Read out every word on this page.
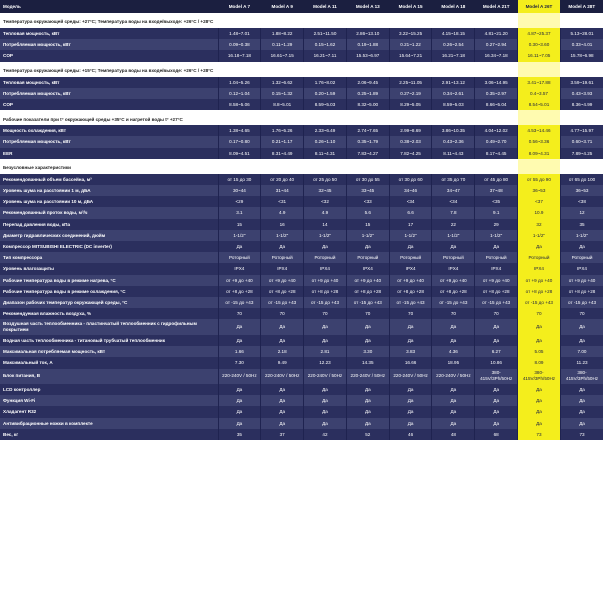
Модель	Model A 7	Model A 9	Model A 11	Model A 13	Model A 15	Model A 18	Model A 21T	Model A 26T	Model A 28T

Температура окружающей среды: +27°С; Температура воды на входе/выходе: +26°С / +28°С									
Тепловая мощность, кВт	1.48~7.01	1.88~8.22	2.51~11.50	2.86~13.10	3.22~15.25	4.15~18.15	4.81~21.20	4.87~25.37	5.13~28.01
Потребляемая мощность, кВт	0.09~0.38	0.11~1.29	0.15~1.62	0.19~1.88	0.21~1.22	0.26~2.54	0.27~2.94	0.30~3.60	0.33~4.01
COP	16.18~7.18	16.61~7.15	16.21~7.11	15.53~6.97	15.64~7.21	16.21~7.18	16.34~7.18	16.11~7.05	15.78~6.98

Температура окружающей среды: +15°С; Температура воды на входе/выходе: +26°С / +28°С									
Тепловая мощность, кВт	1.04~5.26	1.32~6.62	1.76~8.02	2.06~9.45	2.25~11.05	2.91~13.12	3.06~14.95	3.41~17.88	3.59~19.61
Потребляемая мощность, кВт	0.12~1.04	0.15~1.32	0.20~1.59	0.25~1.89	0.27~2.19	0.34~2.61	0.35~2.97	0.4~3.57	0.43~3.93
COP	8.58~5.06	8.8~5.01	8.59~5.03	8.32~5.00	8.29~5.05	8.59~5.03	8.66~5.04	8.54~5.01	8.36~4.99

Рабочие показатели при t° окружающей среды +35°С и нагретой воды t° +27°С									
Мощность охлаждения, кВт	1.38~4.65	1.76~5.26	2.33~6.49	2.74~7.65	2.99~8.69	3.86~10.35	4.04~12.02	4.53~14.46	4.77~15.97
Потребляемая мощность, кВт	0.17~0.80	0.21~1.17	0.26~1.10	0.35~1.79	0.38~2.03	0.43~2.36	0.49~2.70	0.56~3.36	0.60~3.71
EER	8.09~4.51	8.31~4.49	8.11~4.31	7.83~4.27	7.82~4.25	8.11~4.43	8.17~4.45	8.09~4.31	7.89~4.25

Безусловные характеристики									
Рекомендованный объем бассейна, м³	от 15 до 30	от 20 до 40	от 25 до 50	от 30 до 55	от 30 до 60	от 35 до 70	от 45 до 80	от 55 до 90	от 65 до 100
Уровень шума на расстоянии 1 м, дБА	30~44	31~44	32~45	33~45	34~46	34~47	37~48	36~53	36~53
Уровень шума на расстоянии 10 м, дБА	<29	<31	<32	<33	<34	<34	<35	<37	<38
Рекомендованный проток воды, м³/ч	3.1	4.9	4.9	5.6	6.6	7.8	9.1	10.9	12
Перепад давления воды, кПа	15	16	14	15	17	22	29	32	35
Диаметр гидравлических соединений, дюйм	1-1/2"	1-1/2"	1-1/2"	1-1/2"	1-1/2"	1-1/2"	1-1/2"	1-1/2"	1-1/2"
Компрессор MITSUBISHI ELECTRIC (DC inverter)	Да	Да	Да	Да	Да	Да	Да	Да	Да
Тип компрессора	Роторный	Роторный	Роторный	Роторный	Роторный	Роторный	Роторный	Роторный	Роторный
Уровень влагозащиты	IPX4	IPX4	IPX4	IPX4	IPX4	IPX4	IPX4	IPX4	IPX4
Рабочие температура воды в режиме нагрева, °С	от +9 до +40	от +9 до +40	от +9 до +40	от +9 до +40	от +9 до +40	от +9 до +40	от +9 до +40	от +9 до +40	от +9 до +40
Рабочие температура воды в режиме охлаждения, °С	от +8 до +28	от +8 до +28	от +8 до +28	от +8 до +28	от +8 до +28	от +8 до +28	от +8 до +28	от +8 до +28	от +8 до +28
Диапазон рабочих температур окружающей среды, °С	от -15 до +43	от -15 до +43	от -15 до +43	от -15 до +43	от -15 до +43	от -15 до +43	от -15 до +43	от -15 до +43	от -15 до +43
Рекомендуемая влажность воздуха, %	70	70	70	70	70	70	70	70	70
Воздушная часть теплообменника - пластинчатый теплообменник с гидрофильным покрытием	Да	Да	Да	Да	Да	Да	Да	Да	Да
Водная часть теплообменника - титановый трубчатый теплообменник	Да	Да	Да	Да	Да	Да	Да	Да	Да
Максимальная потребляемая мощность, кВт	1.66	2.18	2.81	3.30	3.83	4.36	6.27	5.05	7.00
Максимальный ток, А	7.30	9.49	12.23	14.35	16.66	18.95	10.86	8.09	11.23
Блок питания, В	220-240V / 50Hz	220-240V / 50Hz	220-240V / 50Hz	220-240V / 50Hz	220-240V / 50Hz	220-240V / 50Hz	380-415V/3Ph/50Hz	380-415V/3Ph/50Hz	380-415V/3Ph/50Hz
LCD контроллер	Да	Да	Да	Да	Да	Да	Да	Да	Да
Функция Wi-Fi	Да	Да	Да	Да	Да	Да	Да	Да	Да
Хладагент R32	Да	Да	Да	Да	Да	Да	Да	Да	Да
Антивибрационные ножки в комплекте	Да	Да	Да	Да	Да	Да	Да	Да	Да
Вес, кг	35	37	42	52	46	48	68	73	73
